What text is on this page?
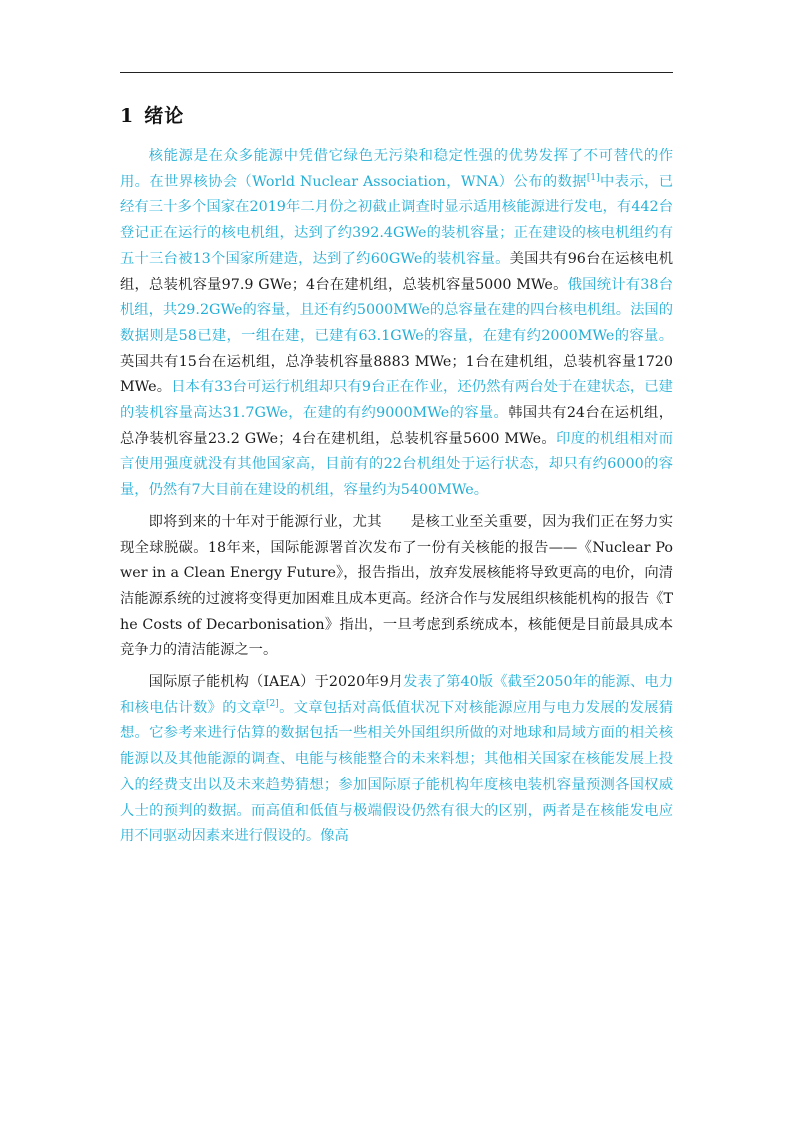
1 绪论

核能源是在众多能源中凭借它绿色无污染和稳定性强的优势发挥了不可替代的作用。在世界核协会（World Nuclear Association，WNA）公布的数据[1]中表示，已经有三十多个国家在2019年二月份之初截止调查时显示适用核能源进行发电，有442台登记正在运行的核电机组，达到了约392.4GWe的装机容量；正在建设的核电机组约有五十三台被13个国家所建造，达到了约60GWe的装机容量。美国共有96台在运核电机组，总装机容量97.9 GWe；4台在建机组，总装机容量5000 MWe。俄国统计有38台机组，共29.2GWe的容量，且还有约5000MWe的总容量在建的四台核电机组。法国的数据则是58已建，一组在建，已建有63.1GWe的容量，在建有约2000MWe的容量。英国共有15台在运机组，总净装机容量8883 MWe；1台在建机组，总装机容量1720 MWe。日本有33台可运行机组却只有9台正在作业，还仍然有两台处于在建状态，已建的装机容量高达31.7GWe，在建的有约9000MWe的容量。韩国共有24台在运机组，总净装机容量23.2 GWe；4台在建机组，总装机容量5600 MWe。印度的机组相对而言使用强度就没有其他国家高，目前有的22台机组处于运行状态，却只有约6000的容量，仍然有7大目前在建设的机组，容量约为5400MWe。

即将到来的十年对于能源行业，尤其　　是核工业至关重要，因为我们正在努力实现全球脱碳。18年来，国际能源署首次发布了一份有关核能的报告——《Nuclear Power in a Clean Energy Future》，报告指出，放弃发展核能将导致更高的电价，向清洁能源系统的过渡将变得更加困难且成本更高。经济合作与发展组织核能机构的报告《The Costs of Decarbonisation》指出，一旦考虑到系统成本，核能便是目前最具成本竞争力的清洁能源之一。

国际原子能机构（IAEA）于2020年9月发表了第40版《截至2050年的能源、电力和核电估计数》的文章[2]。文章包括对高低值状况下对核能源应用与电力发展的发展猜想。它参考来进行估算的数据包括一些相关外国组织所做的对地球和局域方面的相关核能源以及其他能源的调查、电能与核能整合的未来料想；其他相关国家在核能发展上投入的经费支出以及未来趋势猜想；参加国际原子能机构年度核电装机容量预测各国权威人士的预判的数据。而高值和低值与极端假设仍然有很大的区别，两者是在核能发电应用不同驱动因素来进行假设的。像高
